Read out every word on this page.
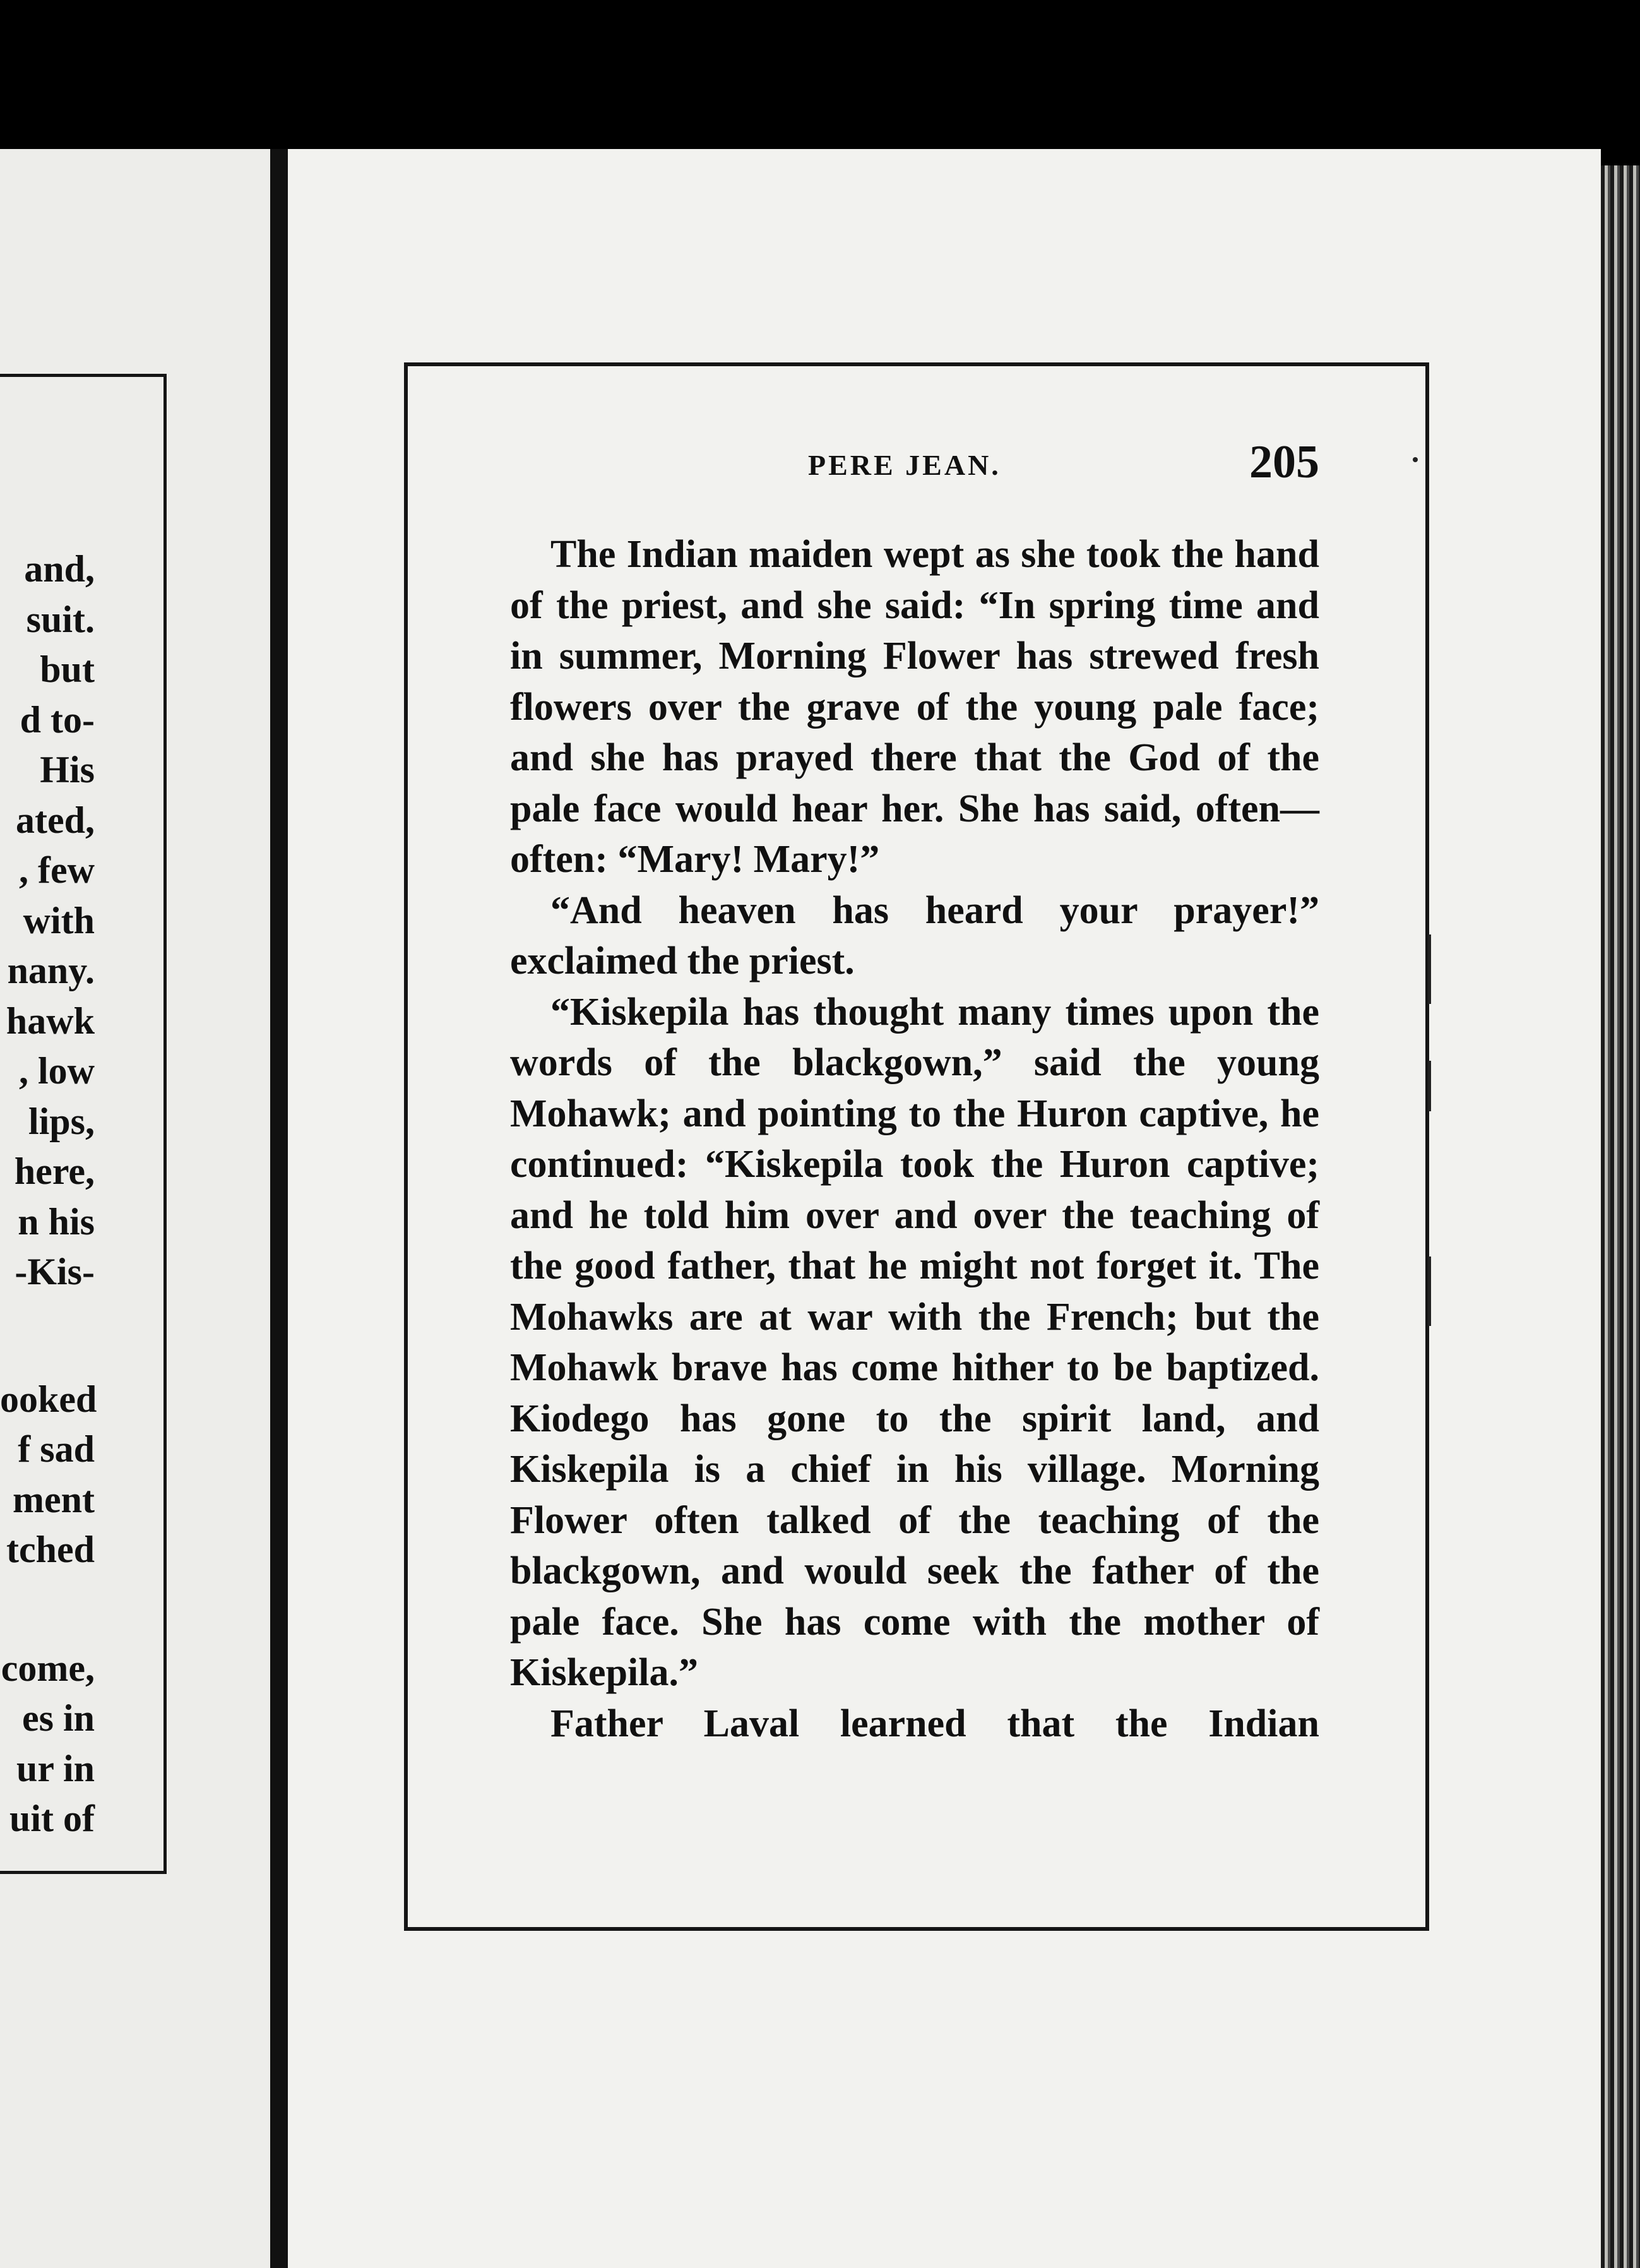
and,
suit.
but
d to-
His
ated,
, few
with
nany.
hawk
, low
lips,
here,
n his
-Kis-
ooked
f sad
ment
tched
come,
es in
ur in
uit of
PERE JEAN.	205

The Indian maiden wept as she took the hand of the priest, and she said: “In spring time and in summer, Morning Flower has strewed fresh flowers over the grave of the young pale face; and she has prayed there that the God of the pale face would hear her. She has said, often—often: “Mary! Mary!”

“And heaven has heard your prayer!” exclaimed the priest.

“Kiskepila has thought many times upon the words of the blackgown,” said the young Mohawk; and pointing to the Huron captive, he continued: “Kiskepila took the Huron captive; and he told him over and over the teaching of the good father, that he might not forget it. The Mohawks are at war with the French; but the Mohawk brave has come hither to be baptized. Kiodego has gone to the spirit land, and Kiskepila is a chief in his village. Morning Flower often talked of the teaching of the blackgown, and would seek the father of the pale face. She has come with the mother of Kiskepila.”

Father Laval learned that the Indian
